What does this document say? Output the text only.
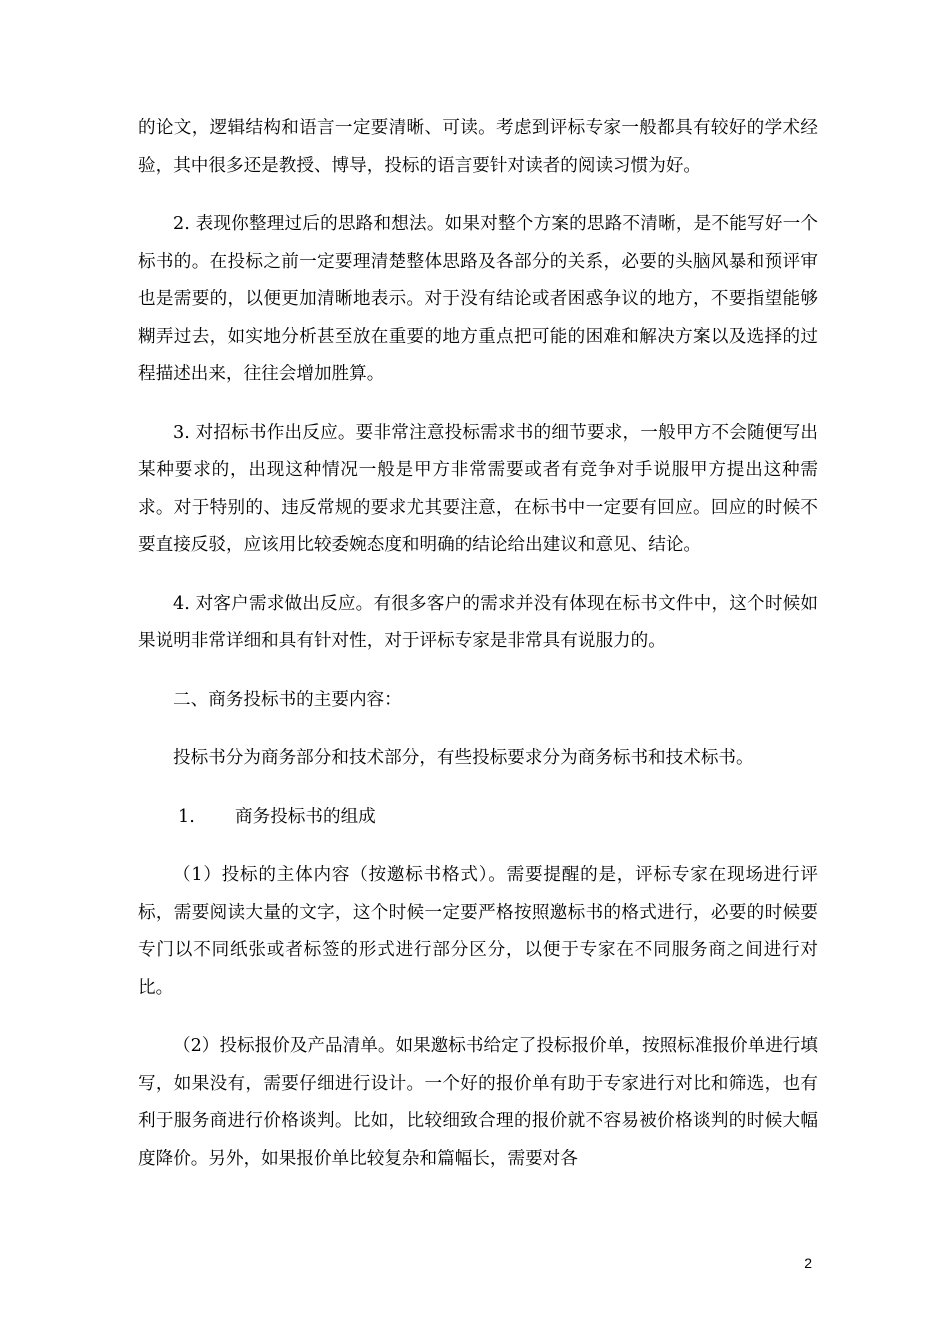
的论文，逻辑结构和语言一定要清晰、可读。考虑到评标专家一般都具有较好的学术经验，其中很多还是教授、博导，投标的语言要针对读者的阅读习惯为好。

2. 表现你整理过后的思路和想法。如果对整个方案的思路不清晰，是不能写好一个标书的。在投标之前一定要理清楚整体思路及各部分的关系，必要的头脑风暴和预评审也是需要的，以便更加清晰地表示。对于没有结论或者困惑争议的地方，不要指望能够糊弄过去，如实地分析甚至放在重要的地方重点把可能的困难和解决方案以及选择的过程描述出来，往往会增加胜算。

3. 对招标书作出反应。要非常注意投标需求书的细节要求，一般甲方不会随便写出某种要求的，出现这种情况一般是甲方非常需要或者有竞争对手说服甲方提出这种需求。对于特别的、违反常规的要求尤其要注意，在标书中一定要有回应。回应的时候不要直接反驳，应该用比较委婉态度和明确的结论给出建议和意见、结论。

4. 对客户需求做出反应。有很多客户的需求并没有体现在标书文件中，这个时候如果说明非常详细和具有针对性，对于评标专家是非常具有说服力的。

二、商务投标书的主要内容：

投标书分为商务部分和技术部分，有些投标要求分为商务标书和技术标书。

1. 商务投标书的组成

（1）投标的主体内容（按邀标书格式）。需要提醒的是，评标专家在现场进行评标，需要阅读大量的文字，这个时候一定要严格按照邀标书的格式进行，必要的时候要专门以不同纸张或者标签的形式进行部分区分，以便于专家在不同服务商之间进行对比。

（2）投标报价及产品清单。如果邀标书给定了投标报价单，按照标准报价单进行填写，如果没有，需要仔细进行设计。一个好的报价单有助于专家进行对比和筛选，也有利于服务商进行价格谈判。比如，比较细致合理的报价就不容易被价格谈判的时候大幅度降价。另外，如果报价单比较复杂和篇幅长，需要对各

2
